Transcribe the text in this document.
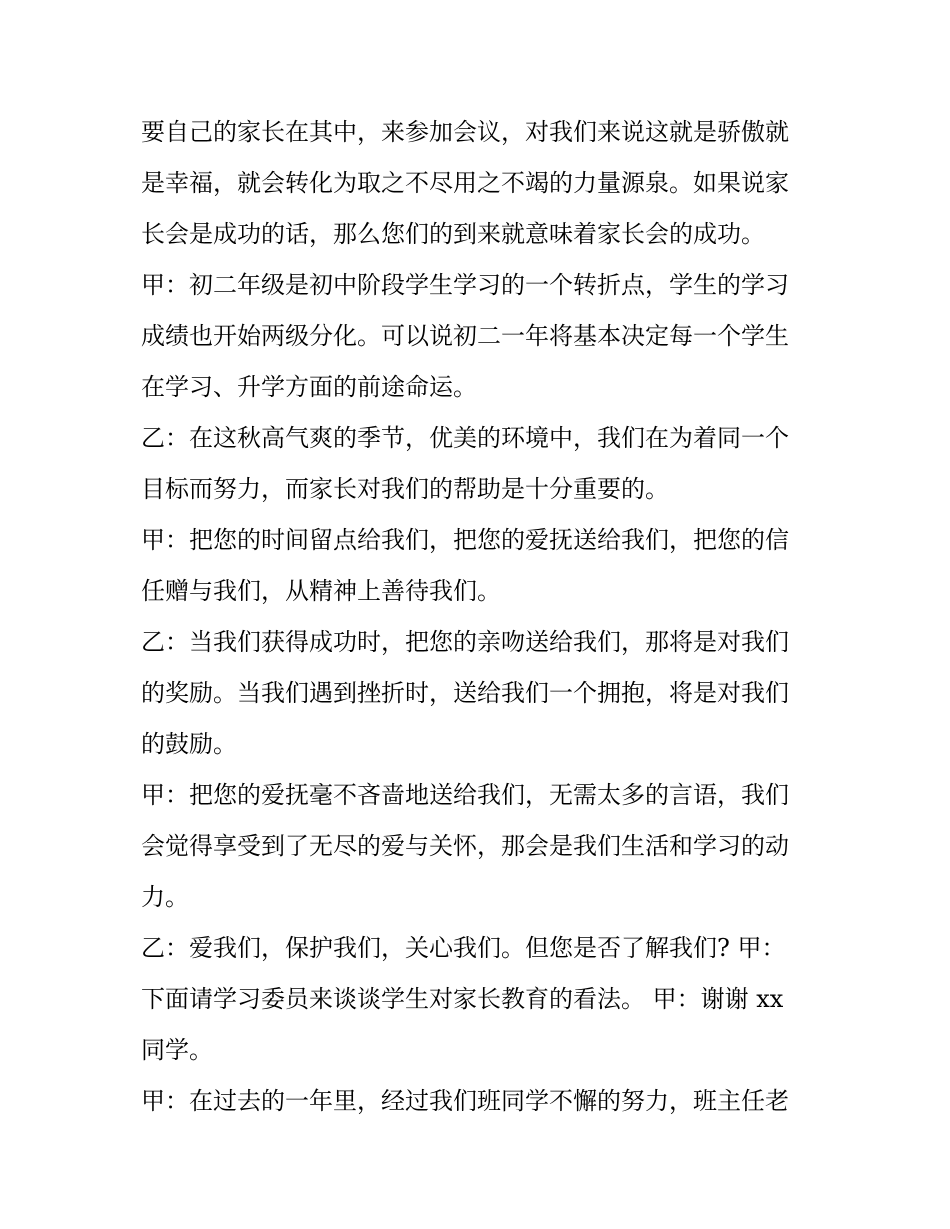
要自己的家长在其中，来参加会议，对我们来说这就是骄傲就
是幸福，就会转化为取之不尽用之不竭的力量源泉。如果说家
长会是成功的话，那么您们的到来就意味着家长会的成功。
甲：初二年级是初中阶段学生学习的一个转折点，学生的学习
成绩也开始两级分化。可以说初二一年将基本决定每一个学生
在学习、升学方面的前途命运。
乙：在这秋高气爽的季节，优美的环境中，我们在为着同一个
目标而努力，而家长对我们的帮助是十分重要的。
甲：把您的时间留点给我们，把您的爱抚送给我们，把您的信
任赠与我们，从精神上善待我们。
乙：当我们获得成功时，把您的亲吻送给我们，那将是对我们
的奖励。当我们遇到挫折时，送给我们一个拥抱，将是对我们
的鼓励。
甲：把您的爱抚毫不吝啬地送给我们，无需太多的言语，我们
会觉得享受到了无尽的爱与关怀，那会是我们生活和学习的动
力。
乙：爱我们，保护我们，关心我们。但您是否了解我们? 甲：
下面请学习委员来谈谈学生对家长教育的看法。 甲：谢谢 xx
同学。
甲：在过去的一年里，经过我们班同学不懈的努力，班主任老
